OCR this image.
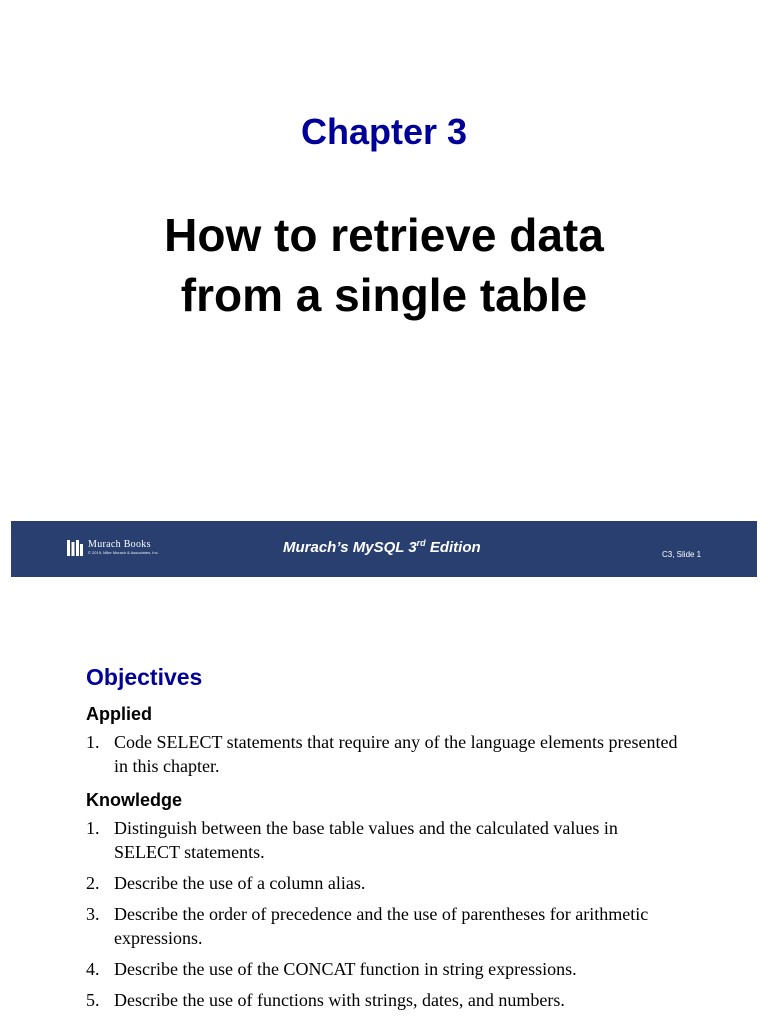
Chapter 3
How to retrieve data
from a single table
Murach Books
© 2019, Mike Murach & Associates, Inc.	Murach’s MySQL 3rd Edition	C3, Slide 1
Objectives
Applied
1. Code SELECT statements that require any of the language elements presented in this chapter.
Knowledge
1. Distinguish between the base table values and the calculated values in SELECT statements.
2. Describe the use of a column alias.
3. Describe the order of precedence and the use of parentheses for arithmetic expressions.
4. Describe the use of the CONCAT function in string expressions.
5. Describe the use of functions with strings, dates, and numbers.
